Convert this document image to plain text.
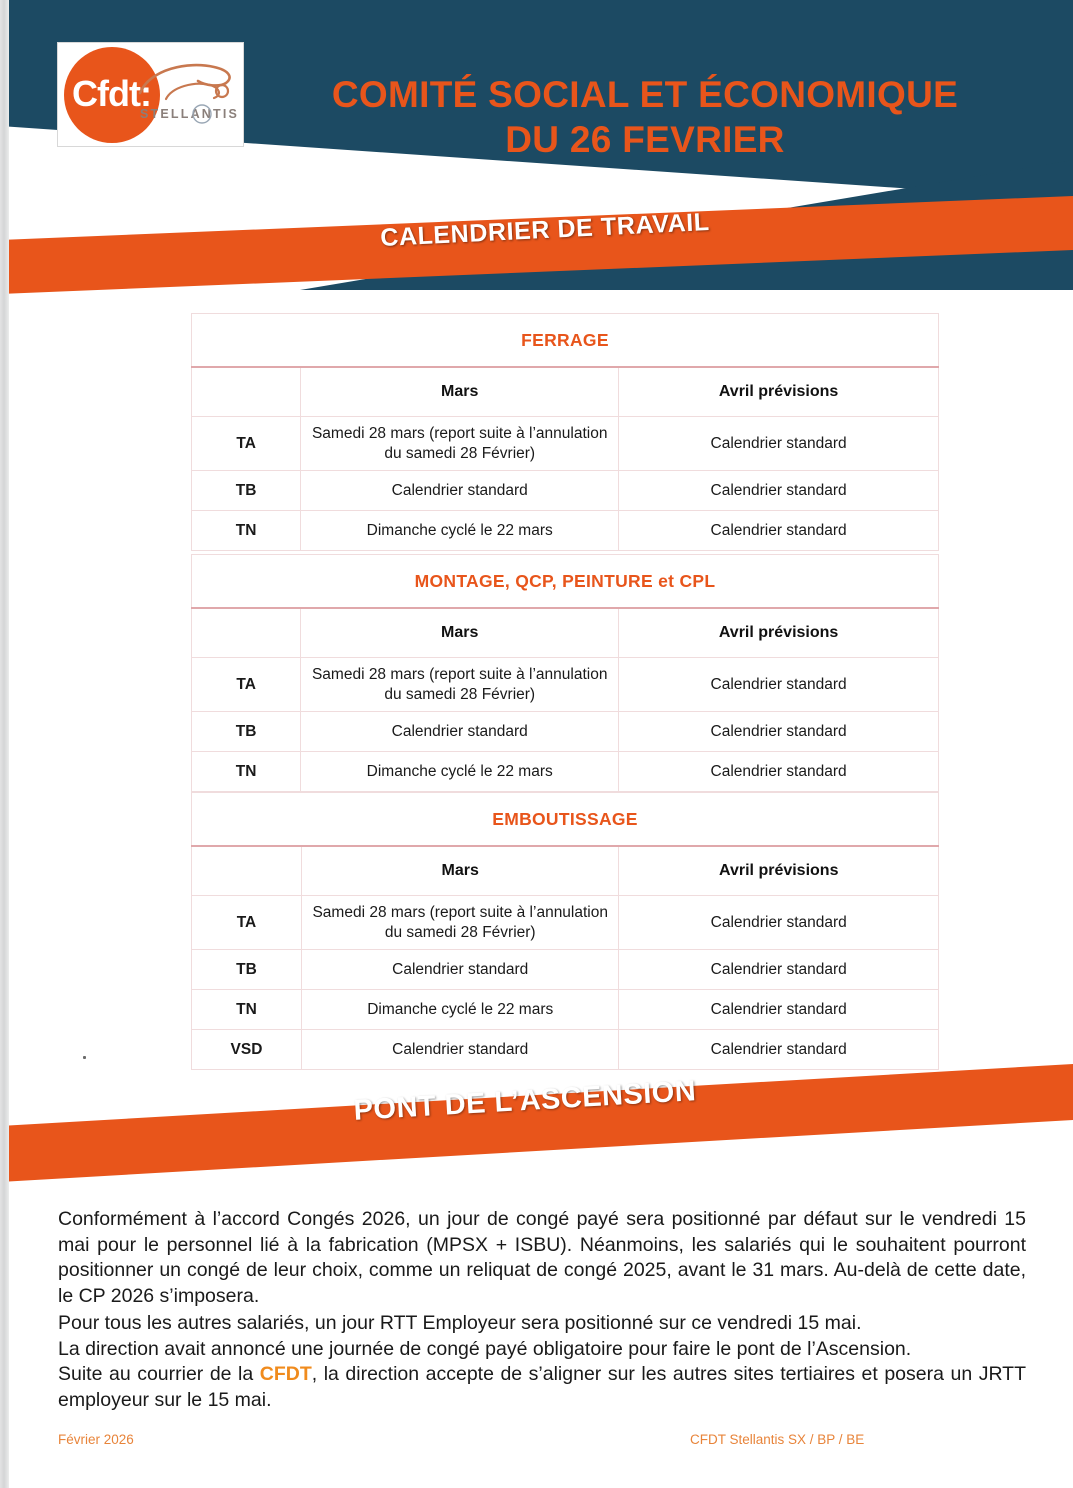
Cfdt:
STELLANTIS	COMITÉ SOCIAL ET ÉCONOMIQUE
DU 26 FEVRIER
CALENDRIER DE TRAVAIL
FERRAGE		
	Mars	Avril prévisions
TA	Samedi 28 mars (report suite à l’annulation du samedi 28 Février)	Calendrier standard
TB	Calendrier standard	Calendrier standard
TN	Dimanche cyclé le 22 mars	Calendrier standard
MONTAGE, QCP, PEINTURE et CPL		
	Mars	Avril prévisions
TA	Samedi 28 mars (report suite à l’annulation du samedi 28 Février)	Calendrier standard
TB	Calendrier standard	Calendrier standard
TN	Dimanche cyclé le 22 mars	Calendrier standard
EMBOUTISSAGE		
	Mars	Avril prévisions
TA	Samedi 28 mars (report suite à l’annulation du samedi 28 Février)	Calendrier standard
TB	Calendrier standard	Calendrier standard
TN	Dimanche cyclé le 22 mars	Calendrier standard
VSD	Calendrier standard	Calendrier standard
PONT DE L’ASCENSION

Conformément à l’accord Congés 2026, un jour de congé payé sera positionné par défaut sur le vendredi 15 mai pour le personnel lié à la fabrication (MPSX + ISBU). Néanmoins, les salariés qui le souhaitent pourront positionner un congé de leur choix, comme un reliquat de congé 2025, avant le 31 mars. Au-delà de cette date, le CP 2026 s’imposera.

Pour tous les autres salariés, un jour RTT Employeur sera positionné sur ce vendredi 15 mai.

La direction avait annoncé une journée de congé payé obligatoire pour faire le pont de l’Ascension.

Suite au courrier de la CFDT, la direction accepte de s’aligner sur les autres sites tertiaires et posera un JRTT employeur sur le 15 mai.

Février 2026	CFDT Stellantis SX / BP / BE
